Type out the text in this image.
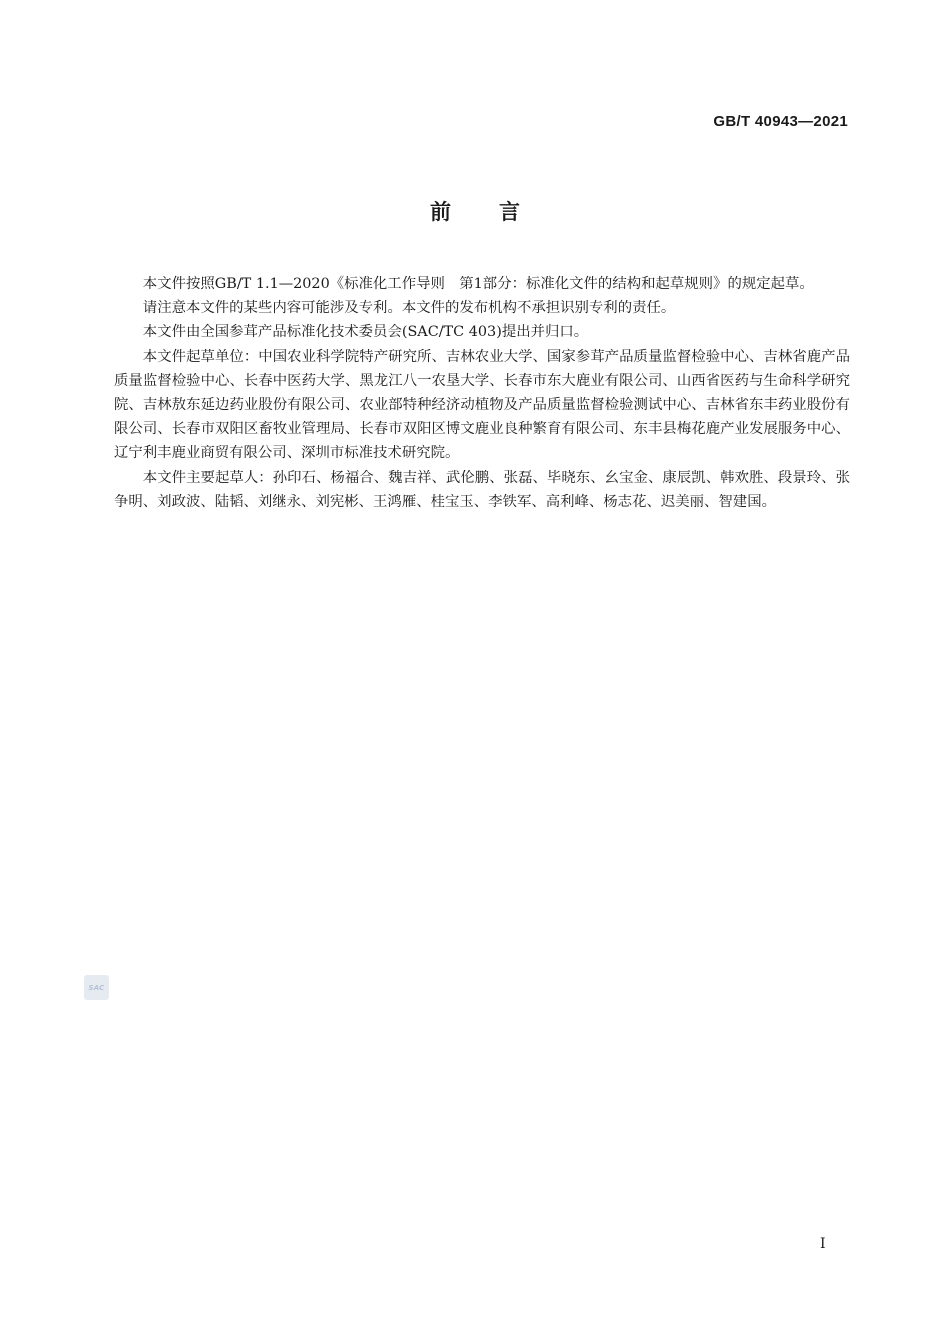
GB/T 40943—2021
前言

本文件按照GB/T 1.1—2020《标准化工作导则　第1部分：标准化文件的结构和起草规则》的规定起草。

请注意本文件的某些内容可能涉及专利。本文件的发布机构不承担识别专利的责任。

本文件由全国参茸产品标准化技术委员会(SAC/TC 403)提出并归口。

本文件起草单位：中国农业科学院特产研究所、吉林农业大学、国家参茸产品质量监督检验中心、吉林省鹿产品质量监督检验中心、长春中医药大学、黑龙江八一农垦大学、长春市东大鹿业有限公司、山西省医药与生命科学研究院、吉林敖东延边药业股份有限公司、农业部特种经济动植物及产品质量监督检验测试中心、吉林省东丰药业股份有限公司、长春市双阳区畜牧业管理局、长春市双阳区博文鹿业良种繁育有限公司、东丰县梅花鹿产业发展服务中心、辽宁利丰鹿业商贸有限公司、深圳市标准技术研究院。

本文件主要起草人：孙印石、杨福合、魏吉祥、武伦鹏、张磊、毕晓东、幺宝金、康辰凯、韩欢胜、段景玲、张争明、刘政波、陆韬、刘继永、刘宪彬、王鸿雁、桂宝玉、李铁军、高利峰、杨志花、迟美丽、智建国。

SAC
I
